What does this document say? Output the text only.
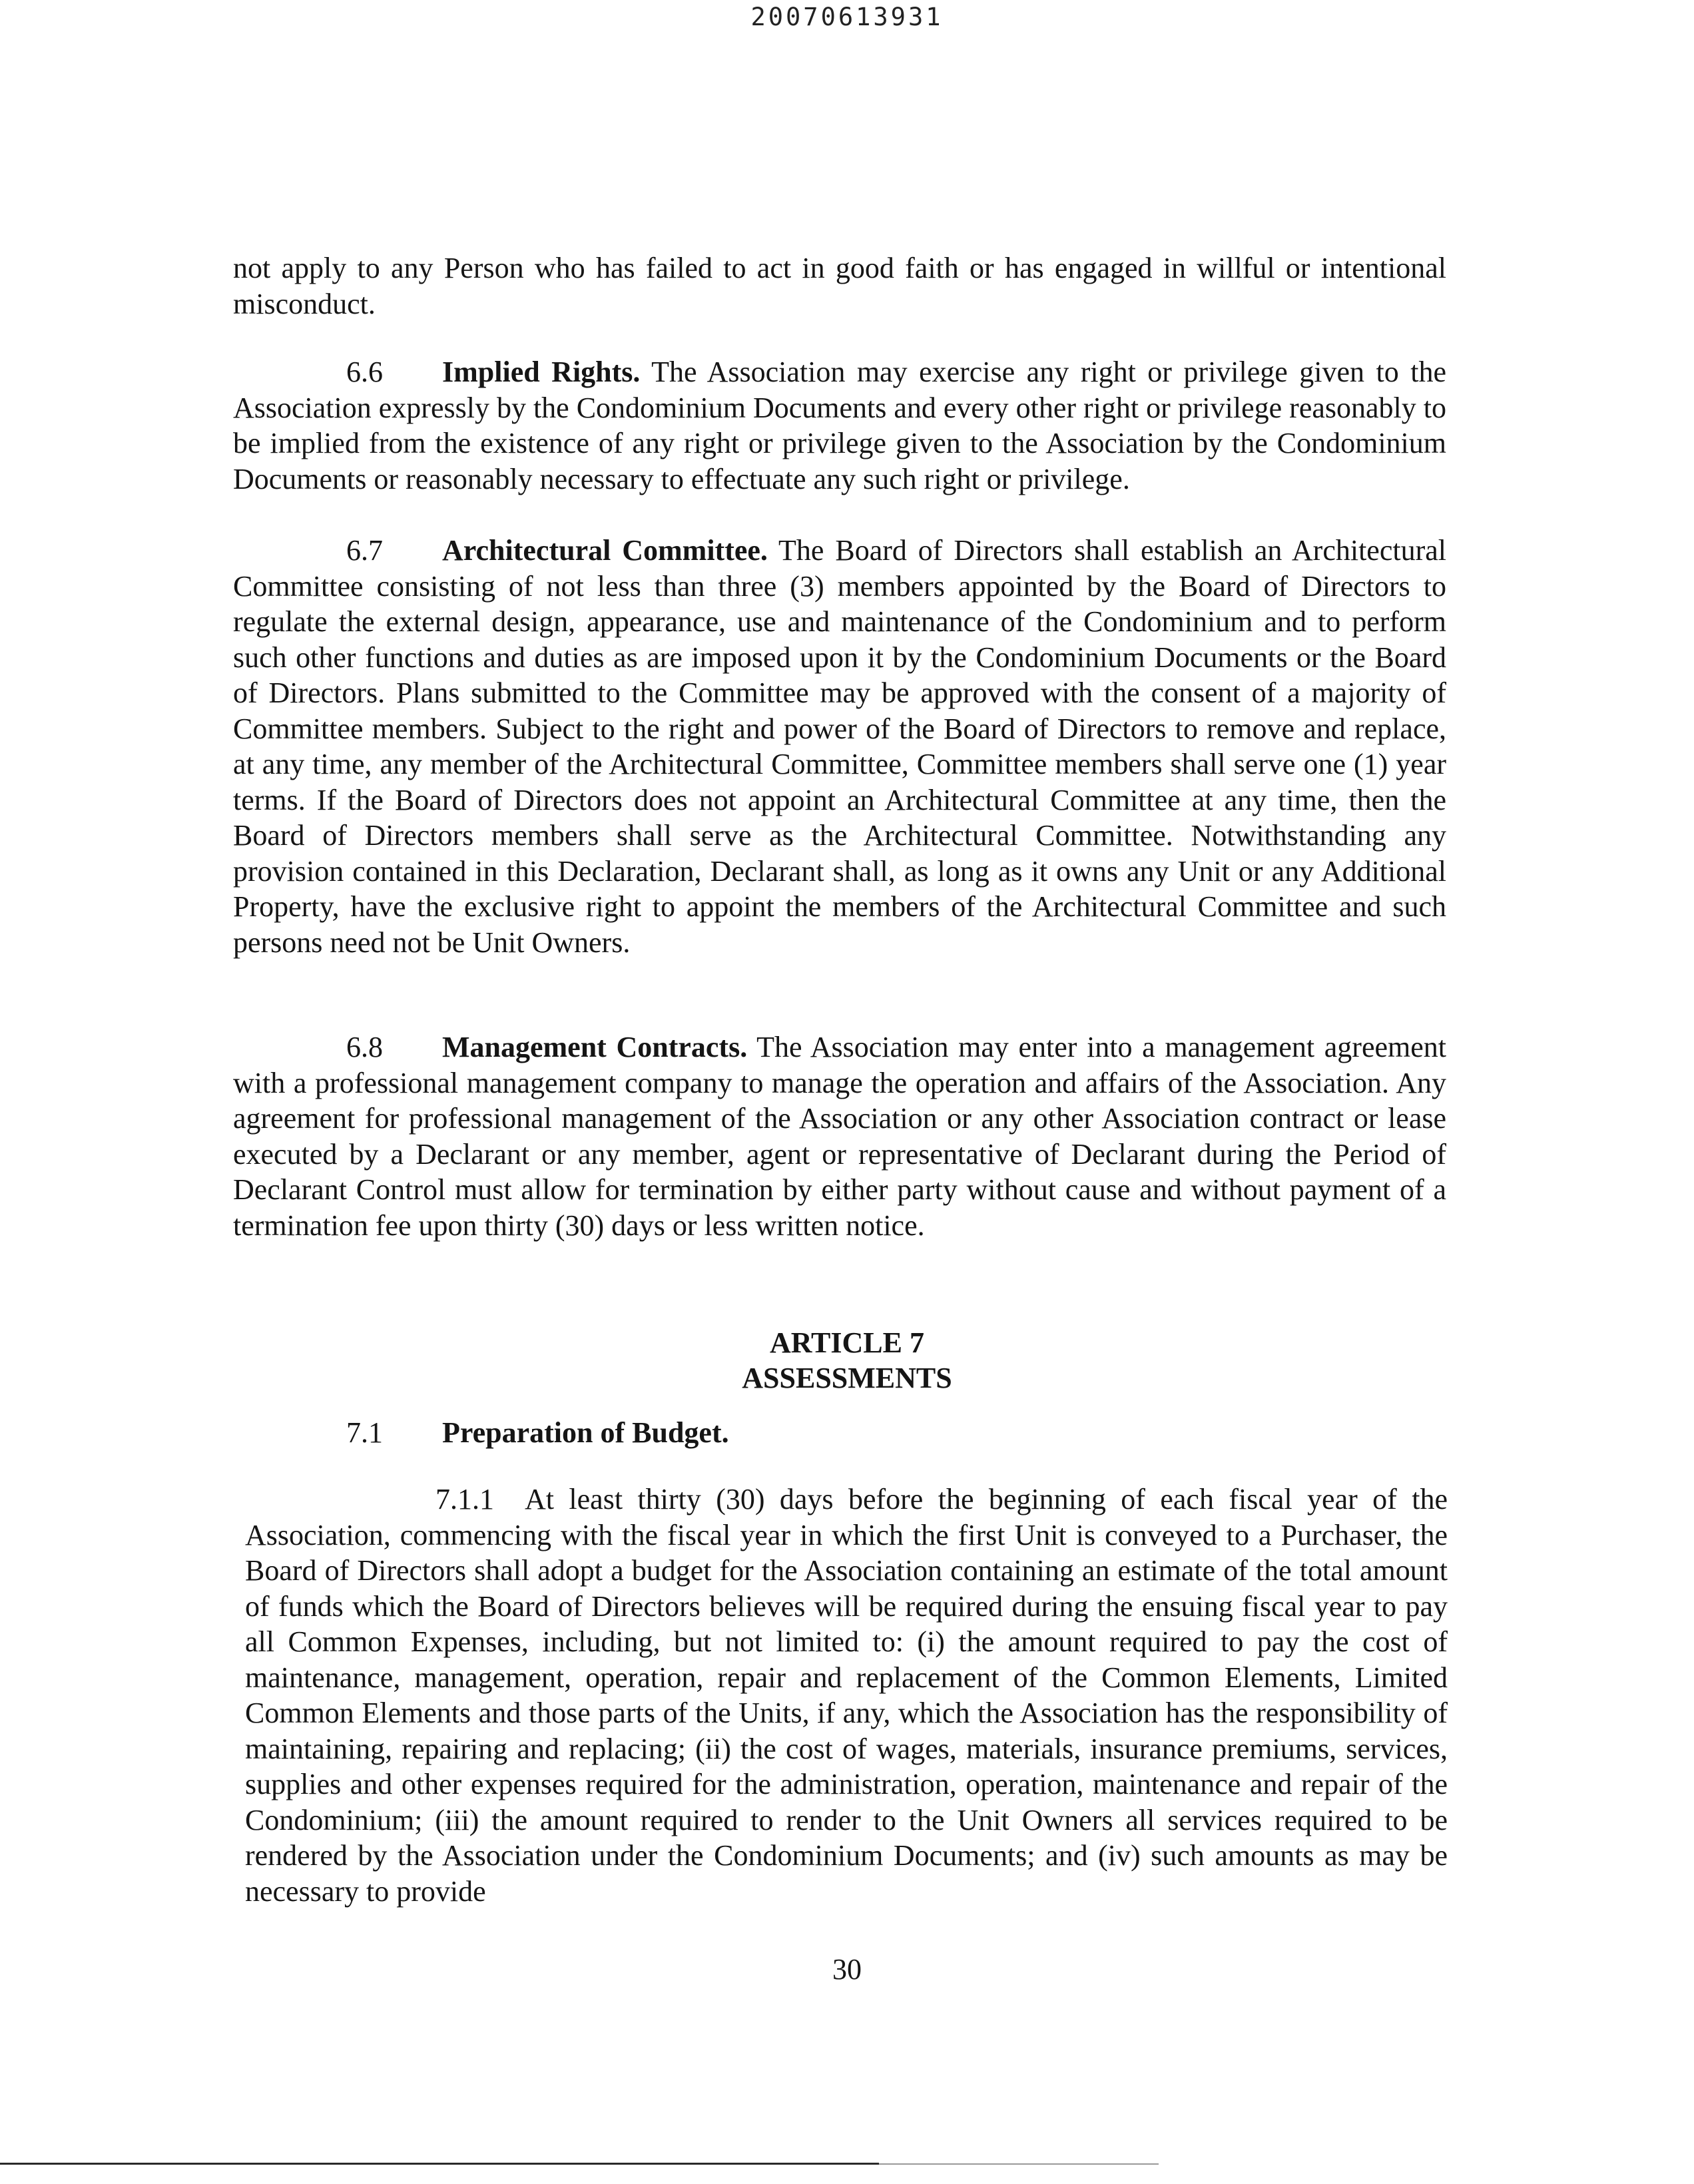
20070613931

not apply to any Person who has failed to act in good faith or has engaged in willful or intentional misconduct.

6.6 Implied Rights. The Association may exercise any right or privilege given to the Association expressly by the Condominium Documents and every other right or privilege reasonably to be implied from the existence of any right or privilege given to the Association by the Condominium Documents or reasonably necessary to effectuate any such right or privilege.

6.7 Architectural Committee. The Board of Directors shall establish an Architectural Committee consisting of not less than three (3) members appointed by the Board of Directors to regulate the external design, appearance, use and maintenance of the Condominium and to perform such other functions and duties as are imposed upon it by the Condominium Documents or the Board of Directors. Plans submitted to the Committee may be approved with the consent of a majority of Committee members. Subject to the right and power of the Board of Directors to remove and replace, at any time, any member of the Architectural Committee, Committee members shall serve one (1) year terms. If the Board of Directors does not appoint an Architectural Committee at any time, then the Board of Directors members shall serve as the Architectural Committee. Notwithstanding any provision contained in this Declaration, Declarant shall, as long as it owns any Unit or any Additional Property, have the exclusive right to appoint the members of the Architectural Committee and such persons need not be Unit Owners.

6.8 Management Contracts. The Association may enter into a management agreement with a professional management company to manage the operation and affairs of the Association. Any agreement for professional management of the Association or any other Association contract or lease executed by a Declarant or any member, agent or representative of Declarant during the Period of Declarant Control must allow for termination by either party without cause and without payment of a termination fee upon thirty (30) days or less written notice.

ARTICLE 7
ASSESSMENTS

7.1 Preparation of Budget.

7.1.1 At least thirty (30) days before the beginning of each fiscal year of the Association, commencing with the fiscal year in which the first Unit is conveyed to a Purchaser, the Board of Directors shall adopt a budget for the Association containing an estimate of the total amount of funds which the Board of Directors believes will be required during the ensuing fiscal year to pay all Common Expenses, including, but not limited to: (i) the amount required to pay the cost of maintenance, management, operation, repair and replacement of the Common Elements, Limited Common Elements and those parts of the Units, if any, which the Association has the responsibility of maintaining, repairing and replacing; (ii) the cost of wages, materials, insurance premiums, services, supplies and other expenses required for the administration, operation, maintenance and repair of the Condominium; (iii) the amount required to render to the Unit Owners all services required to be rendered by the Association under the Condominium Documents; and (iv) such amounts as may be necessary to provide

30
